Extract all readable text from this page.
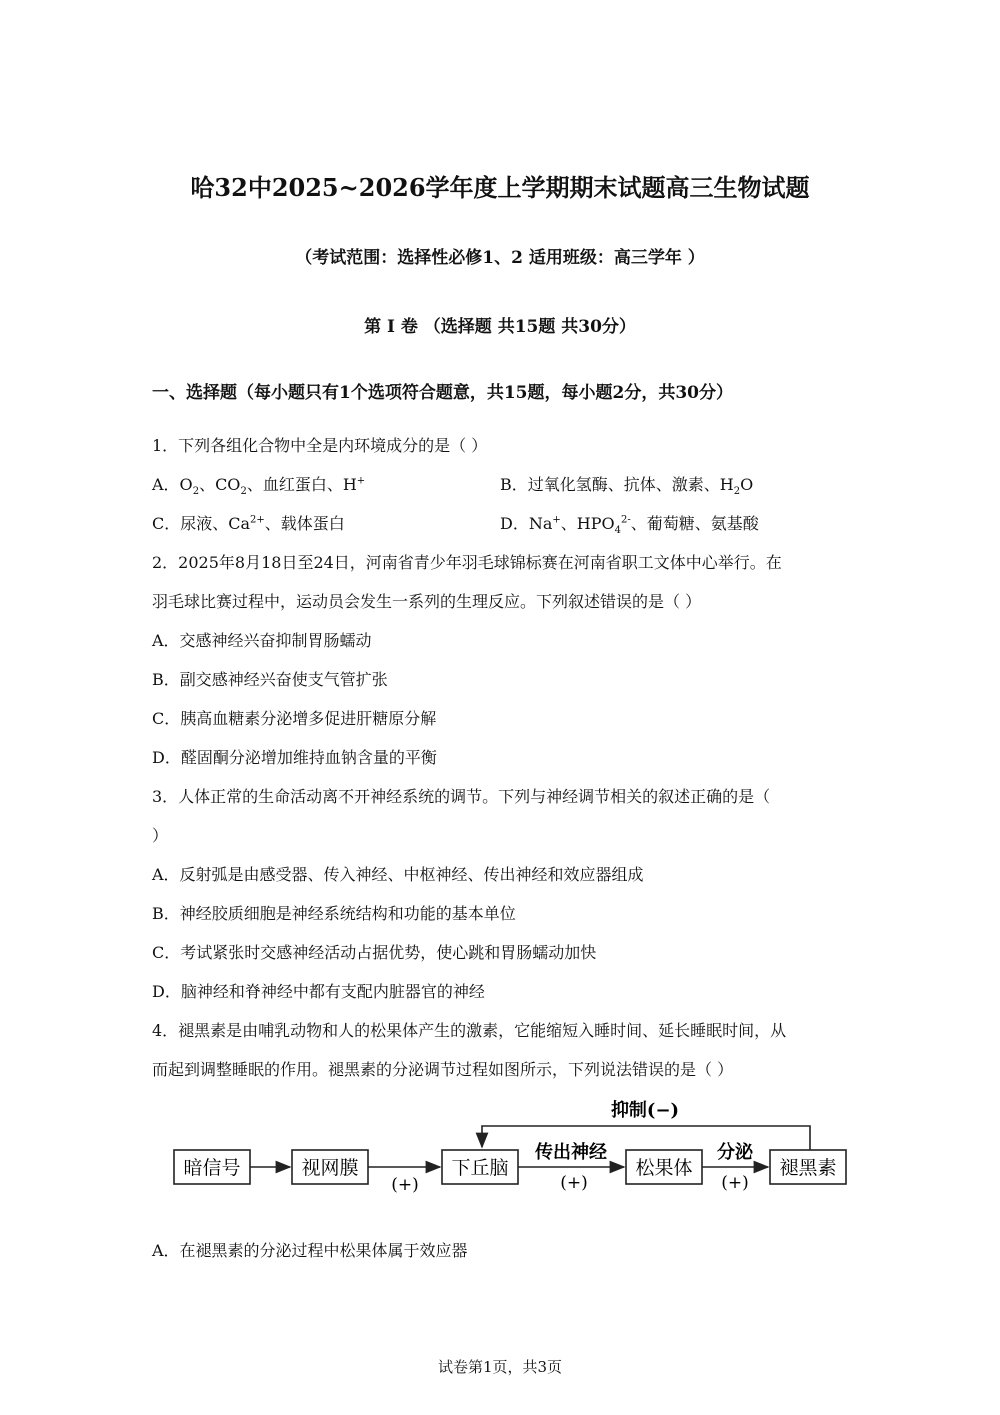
哈32中2025~2026学年度上学期期末试题高三生物试题
（考试范围：选择性必修1、2 适用班级：高三学年 ）
第 I 卷 （选择题 共15题 共30分）
一、选择题（每小题只有1个选项符合题意，共15题，每小题2分，共30分）
1．下列各组化合物中全是内环境成分的是（ ）
A．$O_2$、$CO_2$、血红蛋白、H+	B．过氧化氢酶、抗体、激素、$H_2O$
C．尿液、$Ca^{2+}$、载体蛋白	D．Na+、$HPO_4^{2-}$、葡萄糖、氨基酸
2．2025年8月18日至24日，河南省青少年羽毛球锦标赛在河南省职工文体中心举行。在
羽毛球比赛过程中，运动员会发生一系列的生理反应。下列叙述错误的是（ ）
A．交感神经兴奋抑制胃肠蠕动
B．副交感神经兴奋使支气管扩张
C．胰高血糖素分泌增多促进肝糖原分解
D．醛固酮分泌增加维持血钠含量的平衡
3．人体正常的生命活动离不开神经系统的调节。下列与神经调节相关的叙述正确的是（
）
A．反射弧是由感受器、传入神经、中枢神经、传出神经和效应器组成
B．神经胶质细胞是神经系统结构和功能的基本单位
C．考试紧张时交感神经活动占据优势，使心跳和胃肠蠕动加快
D．脑神经和脊神经中都有支配内脏器官的神经
4．褪黑素是由哺乳动物和人的松果体产生的激素，它能缩短入睡时间、延长睡眠时间，从
而起到调整睡眠的作用。褪黑素的分泌调节过程如图所示，下列说法错误的是（ ）
抑制(−)
暗信号	视网膜	下丘脑	松果体	褪黑素
传出神经	分泌
(+)	(+)	(+)
A．在褪黑素的分泌过程中松果体属于效应器
试卷第1页，共3页
